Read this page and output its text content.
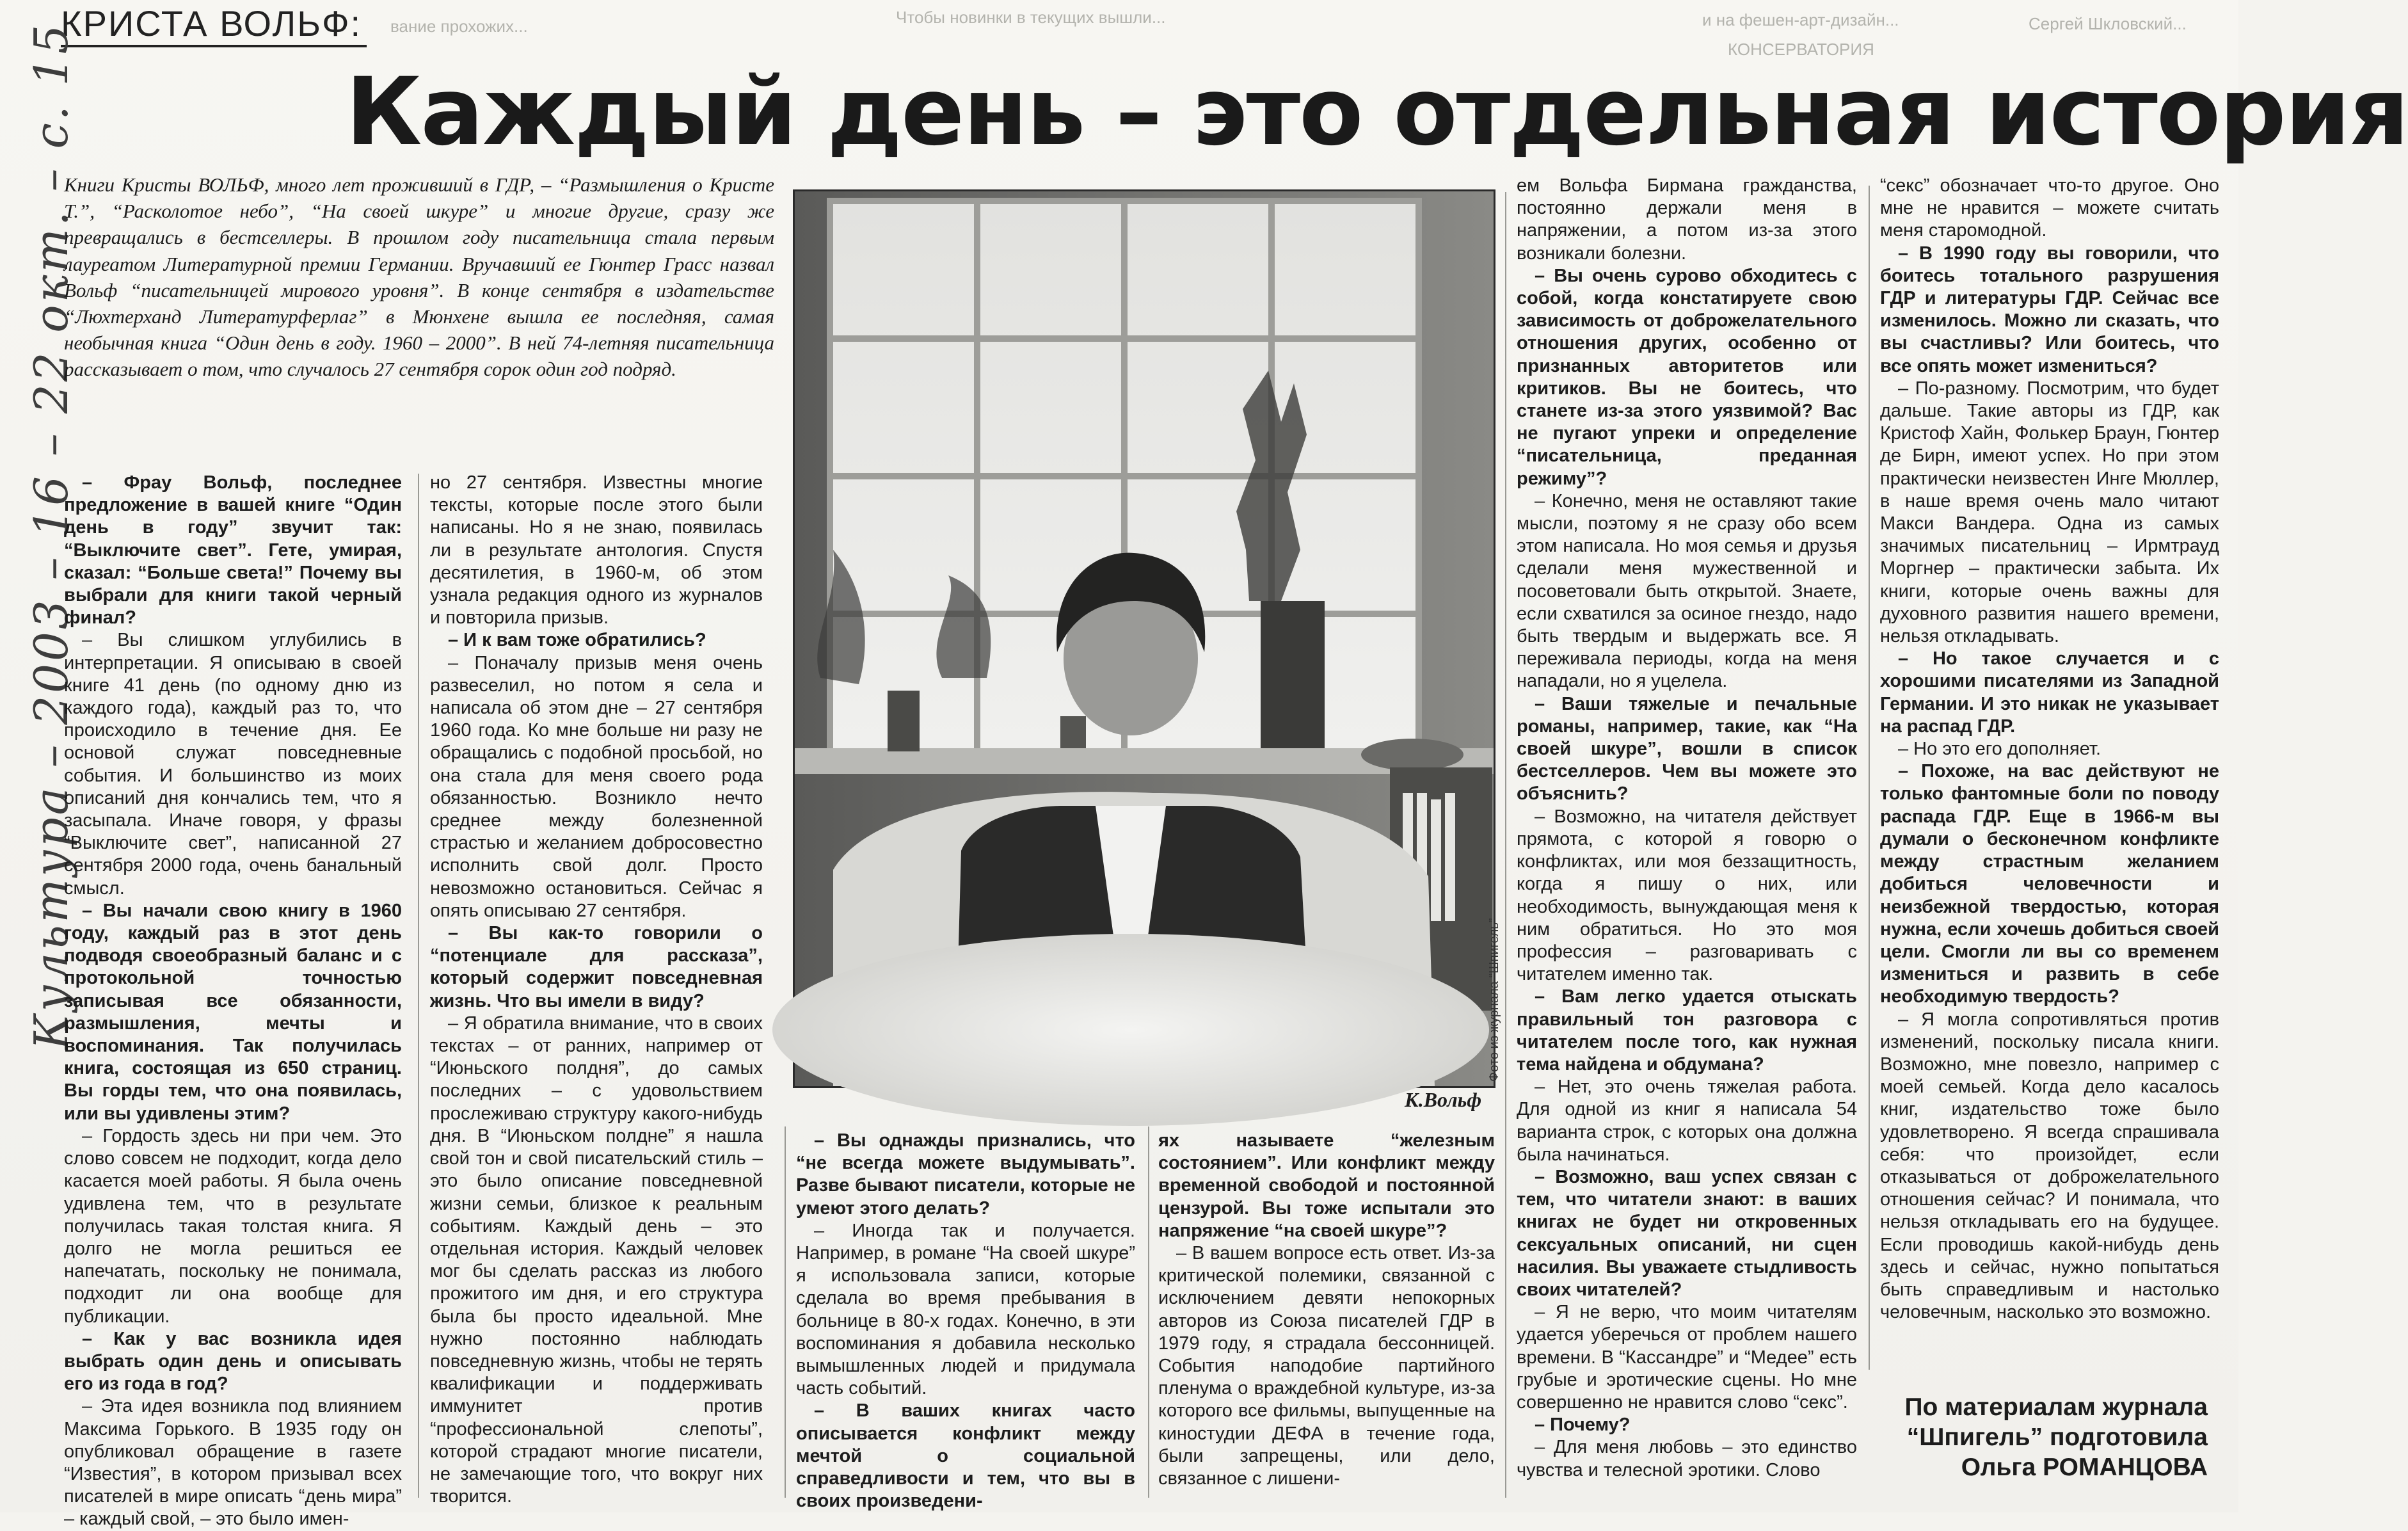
вание прохожих...	Чтобы новинки в текущих вышли...	и на фешен-арт-дизайн...	Сергей Шкловский...
КОНСЕРВАТОРИЯ
КРИСТА ВОЛЬФ:
Каждый день – это отдельная история
Культура – 2003 – 16 – 22 окт. – с. 15
Книги Кристы ВОЛЬФ, много лет проживший в ГДР, – “Размышления о Кристе Т.”, “Расколотое небо”, “На своей шкуре” и многие другие, сразу же превращались в бестселлеры. В прошлом году писательница стала первым лауреатом Литературной премии Германии. Вручавший ее Гюнтер Грасс назвал Вольф “писательницей мирового уровня”. В конце сентября в издательстве “Люхтерханд Литературферлаг” в Мюнхене вышла ее последняя, самая необычная книга “Один день в году. 1960 – 2000”. В ней 74-летняя писательница рассказывает о том, что случалось 27 сентября сорок один год подряд.

– Фрау Вольф, последнее предложение в вашей книге “Один день в году” звучит так: “Выключите свет”. Гете, умирая, сказал: “Больше света!” Почему вы выбрали для книги такой черный финал?

– Вы слишком углубились в интерпретации. Я описываю в своей книге 41 день (по одному дню из каждого года), каждый раз то, что происходило в течение дня. Ее основой служат повседневные события. И большинство из моих описаний дня кончались тем, что я засыпала. Иначе говоря, у фразы “Выключите свет”, написанной 27 сентября 2000 года, очень банальный смысл.

– Вы начали свою книгу в 1960 году, каждый раз в этот день подводя своеобразный баланс и с протокольной точностью записывая все обязанности, размышления, мечты и воспоминания. Так получилась книга, состоящая из 650 страниц. Вы горды тем, что она появилась, или вы удивлены этим?

– Гордость здесь ни при чем. Это слово совсем не подходит, когда дело касается моей работы. Я была очень удивлена тем, что в результате получилась такая толстая книга. Я долго не могла решиться ее напечатать, поскольку не понимала, подходит ли она вообще для публикации.

– Как у вас возникла идея выбрать один день и описывать его из года в год?

– Эта идея возникла под влиянием Максима Горького. В 1935 году он опубликовал обращение в газете “Известия”, в котором призывал всех писателей в мире описать “день мира” – каждый свой, – это было имен-

но 27 сентября. Известны многие тексты, которые после этого были написаны. Но я не знаю, появилась ли в результате антология. Спустя десятилетия, в 1960-м, об этом узнала редакция одного из журналов и повторила призыв.

– И к вам тоже обратились?

– Поначалу призыв меня очень развеселил, но потом я села и написала об этом дне – 27 сентября 1960 года. Ко мне больше ни разу не обращались с подобной просьбой, но она стала для меня своего рода обязанностью. Возникло нечто среднее между болезненной страстью и желанием добросовестно исполнить свой долг. Просто невозможно остановиться. Сейчас я опять описываю 27 сентября.

– Вы как-то говорили о “потенциале для рассказа”, который содержит повседневная жизнь. Что вы имели в виду?

– Я обратила внимание, что в своих текстах – от ранних, например от “Июньского полдня”, до самых последних – с удовольствием прослеживаю структуру какого-нибудь дня. В “Июньском полдне” я нашла свой тон и свой писательский стиль – это было описание повседневной жизни семьи, близкое к реальным событиям. Каждый день – это отдельная история. Каждый человек мог бы сделать рассказ из любого прожитого им дня, и его структура была бы просто идеальной. Мне нужно постоянно наблюдать повседневную жизнь, чтобы не терять квалификации и поддерживать иммунитет против “профессиональной слепоты”, которой страдают многие писатели, не замечающие того, что вокруг них творится.

К.Вольф
Фото из журнала “Шпигель”

– Вы однажды признались, что “не всегда можете выдумывать”. Разве бывают писатели, которые не умеют этого делать?

– Иногда так и получается. Например, в романе “На своей шкуре” я использовала записи, которые сделала во время пребывания в больнице в 80-х годах. Конечно, в эти воспоминания я добавила несколько вымышленных людей и придумала часть событий.

– В ваших книгах часто описывается конфликт между мечтой о социальной справедливости и тем, что вы в своих произведени-

ях называете “железным состоянием”. Или конфликт между временной свободой и постоянной цензурой. Вы тоже испытали это напряжение “на своей шкуре”?

– В вашем вопросе есть ответ. Из-за критической полемики, связанной с исключением девяти непокорных авторов из Союза писателей ГДР в 1979 году, я страдала бессонницей. События наподобие партийного пленума о враждебной культуре, из-за которого все фильмы, выпущенные на киностудии ДЕФА в течение года, были запрещены, или дело, связанное с лишени-

ем Вольфа Бирмана гражданства, постоянно держали меня в напряжении, а потом из-за этого возникали болезни.

– Вы очень сурово обходитесь с собой, когда констатируете свою зависимость от доброжелательного отношения других, особенно от признанных авторитетов или критиков. Вы не боитесь, что станете из-за этого уязвимой? Вас не пугают упреки и определение “писательница, преданная режиму”?

– Конечно, меня не оставляют такие мысли, поэтому я не сразу обо всем этом написала. Но моя семья и друзья сделали меня мужественной и посоветовали быть открытой. Знаете, если схватился за осиное гнездо, надо быть твердым и выдержать все. Я переживала периоды, когда на меня нападали, но я уцелела.

– Ваши тяжелые и печальные романы, например, такие, как “На своей шкуре”, вошли в список бестселлеров. Чем вы можете это объяснить?

– Возможно, на читателя действует прямота, с которой я говорю о конфликтах, или моя беззащитность, когда я пишу о них, или необходимость, вынуждающая меня к ним обратиться. Но это моя профессия – разговаривать с читателем именно так.

– Вам легко удается отыскать правильный тон разговора с читателем после того, как нужная тема найдена и обдумана?

– Нет, это очень тяжелая работа. Для одной из книг я написала 54 варианта строк, с которых она должна была начинаться.

– Возможно, ваш успех связан с тем, что читатели знают: в ваших книгах не будет ни откровенных сексуальных описаний, ни сцен насилия. Вы уважаете стыдливость своих читателей?

– Я не верю, что моим читателям удается уберечься от проблем нашего времени. В “Кассандре” и “Медее” есть грубые и эротические сцены. Но мне совершенно не нравится слово “секс”.

– Почему?

– Для меня любовь – это единство чувства и телесной эротики. Слово

“секс” обозначает что-то другое. Оно мне не нравится – можете считать меня старомодной.

– В 1990 году вы говорили, что боитесь тотального разрушения ГДР и литературы ГДР. Сейчас все изменилось. Можно ли сказать, что вы счастливы? Или боитесь, что все опять может измениться?

– По-разному. Посмотрим, что будет дальше. Такие авторы из ГДР, как Кристоф Хайн, Фолькер Браун, Гюнтер де Бирн, имеют успех. Но при этом практически неизвестен Инге Мюллер, в наше время очень мало читают Макси Вандера. Одна из самых значимых писательниц – Ирмтрауд Моргнер – практически забыта. Их книги, которые очень важны для духовного развития нашего времени, нельзя откладывать.

– Но такое случается и с хорошими писателями из Западной Германии. И это никак не указывает на распад ГДР.

– Но это его дополняет.

– Похоже, на вас действуют не только фантомные боли по поводу распада ГДР. Еще в 1966-м вы думали о бесконечном конфликте между страстным желанием добиться человечности и неизбежной твердостью, которая нужна, если хочешь добиться своей цели. Смогли ли вы со временем измениться и развить в себе необходимую твердость?

– Я могла сопротивляться против изменений, поскольку писала книги. Возможно, мне повезло, например с моей семьей. Когда дело касалось книг, издательство тоже было удовлетворено. Я всегда спрашивала себя: что произойдет, если отказываться от доброжелательного отношения сейчас? И понимала, что нельзя откладывать его на будущее. Если проводишь какой-нибудь день здесь и сейчас, нужно попытаться быть справедливым и настолько человечным, насколько это возможно.

По материалам журнала
“Шпигель” подготовила
Ольга РОМАНЦОВА
